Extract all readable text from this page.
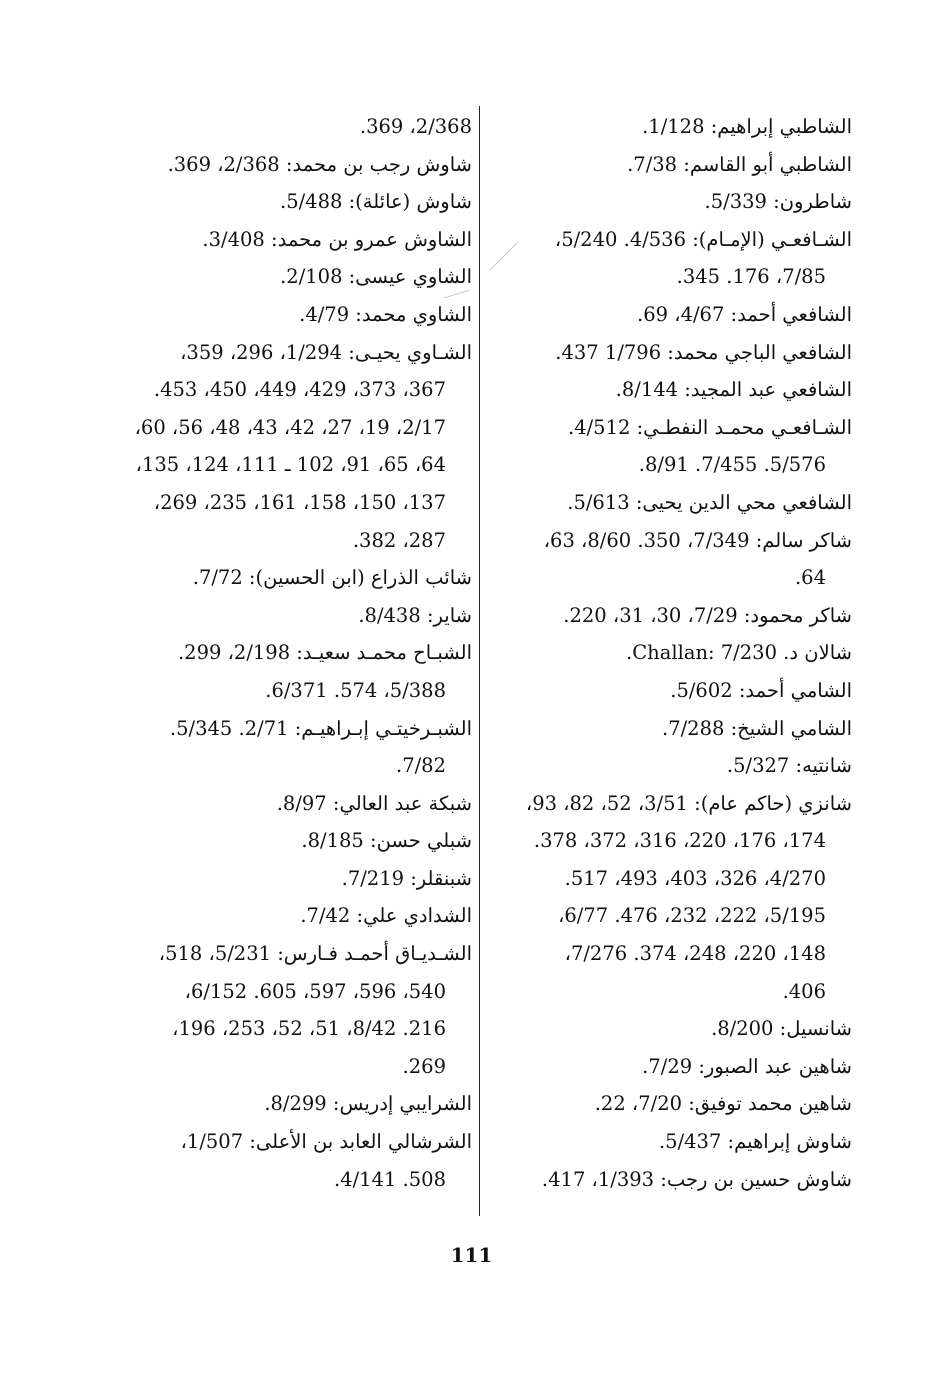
الشاطبي إبراهيم: 1/128.
الشاطبي أبو القاسم: 7/38.
شاطرون: 5/339.
الشـافعـي (الإمـام): 4/536. 5/240،
7/85، 176. 345.
الشافعي أحمد: 4/67، 69.
الشافعي الباجي محمد: 1/796 437.
الشافعي عبد المجيد: 8/144.
الشـافعـي محمـد النفطـي: 4/512.
5/576. 7/455. 8/91.
الشافعي محي الدين يحيى: 5/613.
شاكر سالم: 7/349، 350. 8/60، 63،
64.
شاكر محمود: 7/29، 30، 31، 220.
شالان د. Challan: 7/230.
الشامي أحمد: 5/602.
الشامي الشيخ: 7/288.
شانتيه: 5/327.
شانزي (حاكم عام): 3/51، 52، 82، 93،
174، 176، 220، 316، 372، 378.
4/270، 326، 403، 493، 517.
5/195، 222، 232، 476. 6/77،
148، 220، 248، 374. 7/276،
406.
شانسيل: 8/200.
شاهين عبد الصبور: 7/29.
شاهين محمد توفيق: 7/20، 22.
شاوش إبراهيم: 5/437.
شاوش حسين بن رجب: 1/393، 417.
2/368، 369.
شاوش رجب بن محمد: 2/368، 369.
شاوش (عائلة): 5/488.
الشاوش عمرو بن محمد: 3/408.
الشاوي عيسى: 2/108.
الشاوي محمد: 4/79.
الشـاوي يحيـى: 1/294، 296، 359،
367، 373، 429، 449، 450، 453.
2/17، 19، 27، 42، 43، 48، 56، 60،
64، 65، 91، 102 ـ 111، 124، 135،
137، 150، 158، 161، 235، 269،
287، 382.
شائب الذراع (ابن الحسين): 7/72.
شاير: 8/438.
الشبـاح محمـد سعيـد: 2/198، 299.
5/388، 574. 6/371.
الشبـرخيتـي إبـراهيـم: 2/71. 5/345.
7/82.
شبكة عبد العالي: 8/97.
شبلي حسن: 8/185.
شبنقلر: 7/219.
الشدادي علي: 7/42.
الشـديـاق أحمـد فـارس: 5/231، 518،
540، 596، 597، 605. 6/152،
216. 8/42، 51، 52، 253، 196،
269.
الشرايبي إدريس: 8/299.
الشرشالي العابد بن الأعلى: 1/507،
508. 4/141.
111
